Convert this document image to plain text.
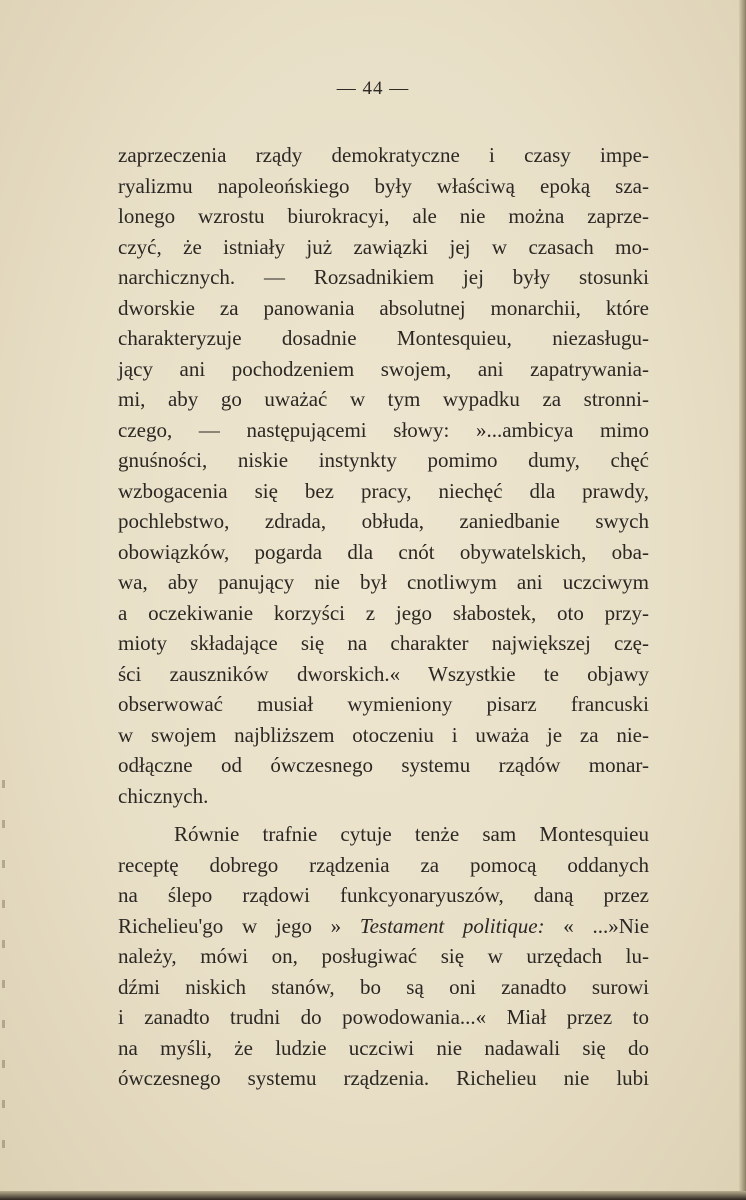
— 44 —
zaprzeczenia rządy demokratyczne i czasy impe-
ryalizmu napoleońskiego były właściwą epoką sza-
lonego wzrostu biurokracyi, ale nie można zaprze-
czyć, że istniały już zawiązki jej w czasach mo-
narchicznych. — Rozsadnikiem jej były stosunki
dworskie za panowania absolutnej monarchii, które
charakteryzuje dosadnie Montesquieu, niezasługu-
jący ani pochodzeniem swojem, ani zapatrywania-
mi, aby go uważać w tym wypadku za stronni-
czego, — następującemi słowy: »...ambicya mimo
gnuśności, niskie instynkty pomimo dumy, chęć
wzbogacenia się bez pracy, niechęć dla prawdy,
pochlebstwo, zdrada, obłuda, zaniedbanie swych
obowiązków, pogarda dla cnót obywatelskich, oba-
wa, aby panujący nie był cnotliwym ani uczciwym
a oczekiwanie korzyści z jego słabostek, oto przy-
mioty składające się na charakter największej czę-
ści zauszników dworskich.« Wszystkie te objawy
obserwować musiał wymieniony pisarz francuski
w swojem najbliższem otoczeniu i uważa je za nie-
odłączne od ówczesnego systemu rządów monar-
chicznych.
Równie trafnie cytuje tenże sam Montesquieu
receptę dobrego rządzenia za pomocą oddanych
na ślepo rządowi funkcyonaryuszów, daną przez
Richelieu'go w jego » Testament politique: « ...»Nie
należy, mówi on, posługiwać się w urzędach lu-
dźmi niskich stanów, bo są oni zanadto surowi
i zanadto trudni do powodowania...« Miał przez to
na myśli, że ludzie uczciwi nie nadawali się do
ówczesnego systemu rządzenia. Richelieu nie lubi
